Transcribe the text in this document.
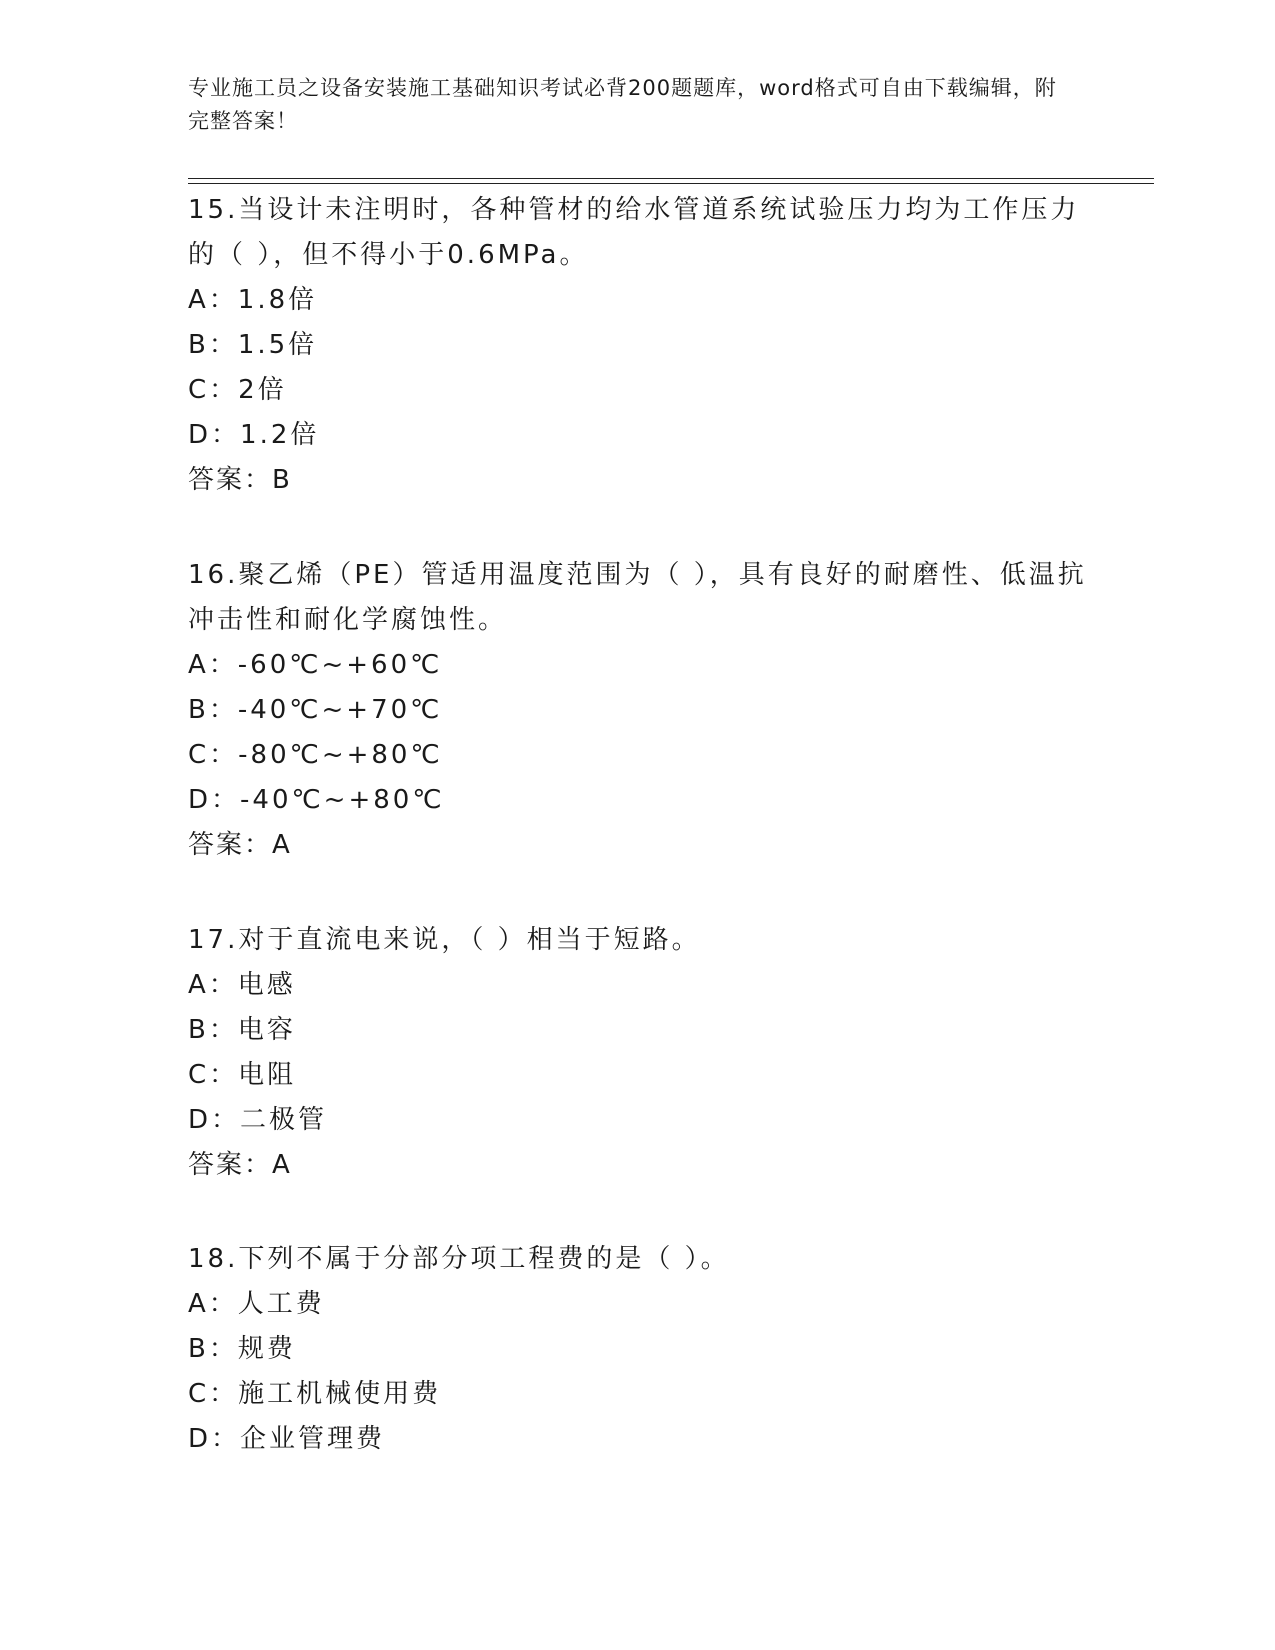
专业施工员之设备安装施工基础知识考试必背200题题库，word格式可自由下载编辑，附完整答案！

15.当设计未注明时，各种管材的给水管道系统试验压力均为工作压力的（ ），但不得小于0.6MPa。

A：1.8倍

B：1.5倍

C：2倍

D：1.2倍

答案：B

16.聚乙烯（PE）管适用温度范围为（ ），具有良好的耐磨性、低温抗冲击性和耐化学腐蚀性。

A：-60℃~+60℃

B：-40℃~+70℃

C：-80℃~+80℃

D：-40℃~+80℃

答案：A

17.对于直流电来说，（ ）相当于短路。

A：电感

B：电容

C：电阻

D：二极管

答案：A

18.下列不属于分部分项工程费的是（ ）。

A：人工费

B：规费

C：施工机械使用费

D：企业管理费
